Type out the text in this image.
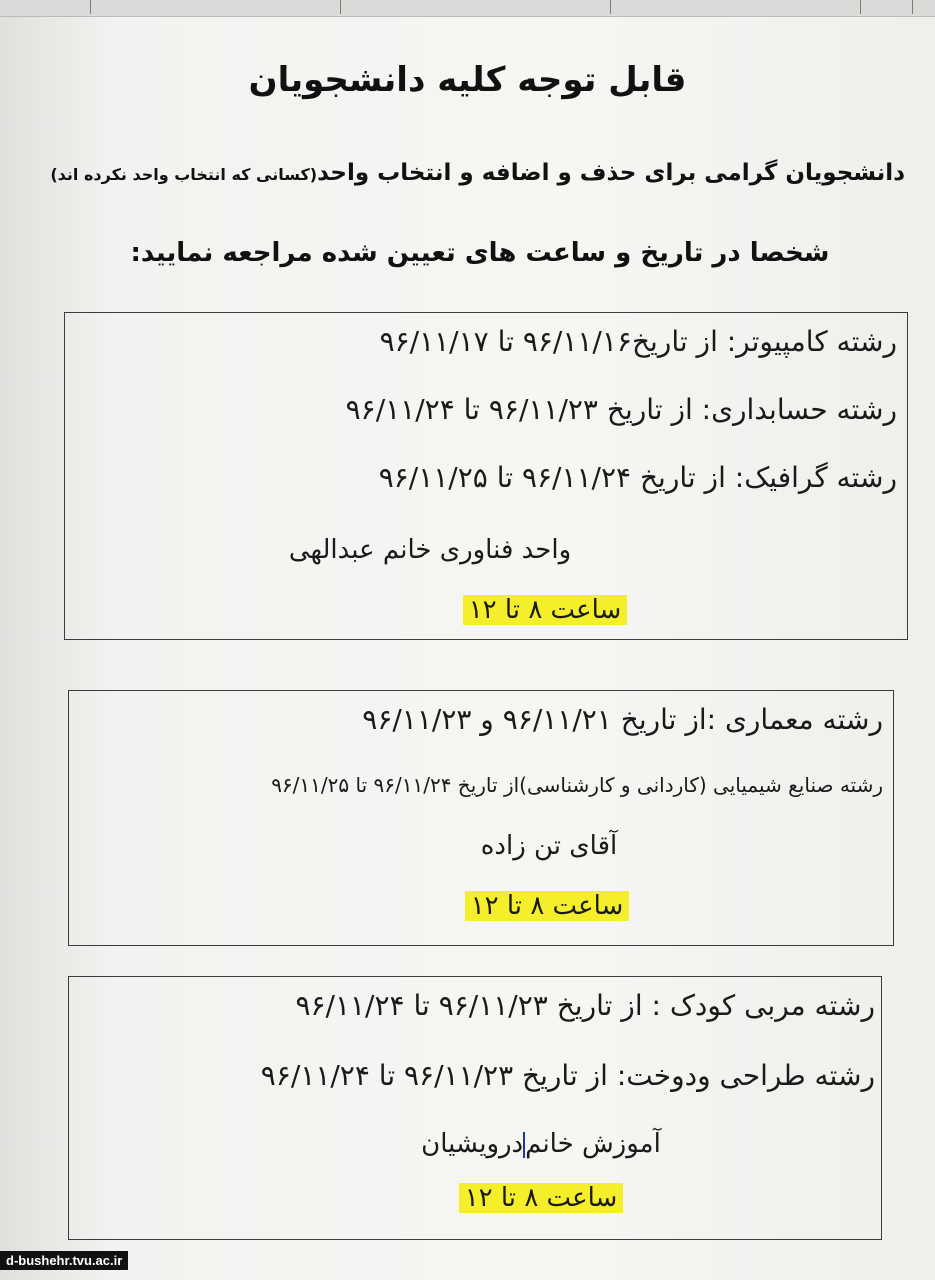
قابل توجه کلیه دانشجویان
دانشجویان گرامی برای حذف و اضافه و انتخاب واحد(کسانی که انتخاب واحد نکرده اند)
شخصا در تاریخ و ساعت های تعیین شده مراجعه نمایید:
رشته کامپیوتر: از تاریخ۹۶/۱۱/۱۶ تا ۹۶/۱۱/۱۷
رشته حسابداری: از تاریخ ۹۶/۱۱/۲۳ تا ۹۶/۱۱/۲۴
رشته گرافیک: از تاریخ ۹۶/۱۱/۲۴ تا ۹۶/۱۱/۲۵
واحد فناوری خانم عبدالهی
ساعت ۸ تا ۱۲
رشته معماری :از تاریخ ۹۶/۱۱/۲۱ و ۹۶/۱۱/۲۳
رشته صنایع شیمیایی (کاردانی و کارشناسی)از تاریخ ۹۶/۱۱/۲۴ تا ۹۶/۱۱/۲۵
آقای تن زاده
ساعت ۸ تا ۱۲
رشته مربی کودک : از تاریخ ۹۶/۱۱/۲۳ تا ۹۶/۱۱/۲۴
رشته طراحی ودوخت: از تاریخ ۹۶/۱۱/۲۳ تا ۹۶/۱۱/۲۴
آموزش خانمدرویشیان
ساعت ۸ تا ۱۲
d-bushehr.tvu.ac.ir
